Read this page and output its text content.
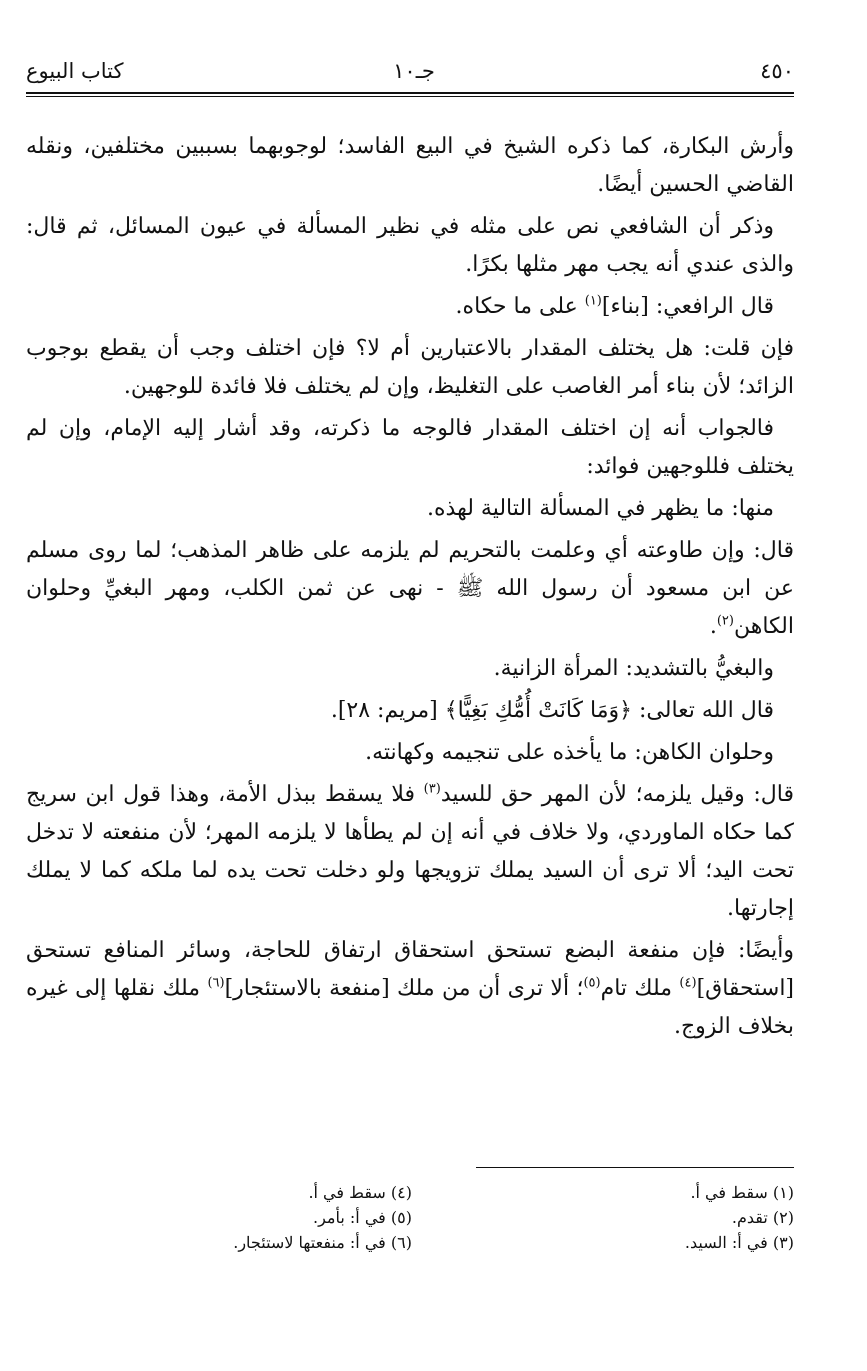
٤٥٠
جـ١٠
كتاب البيوع

وأرش البكارة، كما ذكره الشيخ في البيع الفاسد؛ لوجوبهما بسببين مختلفين، ونقله القاضي الحسين أيضًا.

وذكر أن الشافعي نص على مثله في نظير المسألة في عيون المسائل، ثم قال: والذى عندي أنه يجب مهر مثلها بكرًا.

قال الرافعي: [بناء]$^{(١)}$ على ما حكاه.

فإن قلت: هل يختلف المقدار بالاعتبارين أم لا؟ فإن اختلف وجب أن يقطع بوجوب الزائد؛ لأن بناء أمر الغاصب على التغليظ، وإن لم يختلف فلا فائدة للوجهين.

فالجواب أنه إن اختلف المقدار فالوجه ما ذكرته، وقد أشار إليه الإمام، وإن لم يختلف فللوجهين فوائد:

منها: ما يظهر في المسألة التالية لهذه.

قال: وإن طاوعته أي وعلمت بالتحريم لم يلزمه على ظاهر المذهب؛ لما روى مسلم عن ابن مسعود أن رسول الله ﷺ - نهى عن ثمن الكلب، ومهر البغيِّ وحلوان الكاهن$^{(٢)}$.

والبغيُّ بالتشديد: المرأة الزانية.

قال الله تعالى: ﴿وَمَا كَانَتْ أُمُّكِ بَغِيًّا﴾ [مريم: ٢٨].

وحلوان الكاهن: ما يأخذه على تنجيمه وكهانته.

قال: وقيل يلزمه؛ لأن المهر حق للسيد$^{(٣)}$ فلا يسقط ببذل الأمة، وهذا قول ابن سريج كما حكاه الماوردي، ولا خلاف في أنه إن لم يطأها لا يلزمه المهر؛ لأن منفعته لا تدخل تحت اليد؛ ألا ترى أن السيد يملك تزويجها ولو دخلت تحت يده لما ملكه كما لا يملك إجارتها.

وأيضًا: فإن منفعة البضع تستحق استحقاق ارتفاق للحاجة، وسائر المنافع تستحق [استحقاق]$^{(٤)}$ ملك تام$^{(٥)}$؛ ألا ترى أن من ملك [منفعة بالاستئجار]$^{(٦)}$ ملك نقلها إلى غيره بخلاف الزوج.

(١) سقط في أ.

(٢) تقدم.

(٣) في أ: السيد.

(٤) سقط في أ.

(٥) في أ: بأمر.

(٦) في أ: منفعتها لاستئجار.
